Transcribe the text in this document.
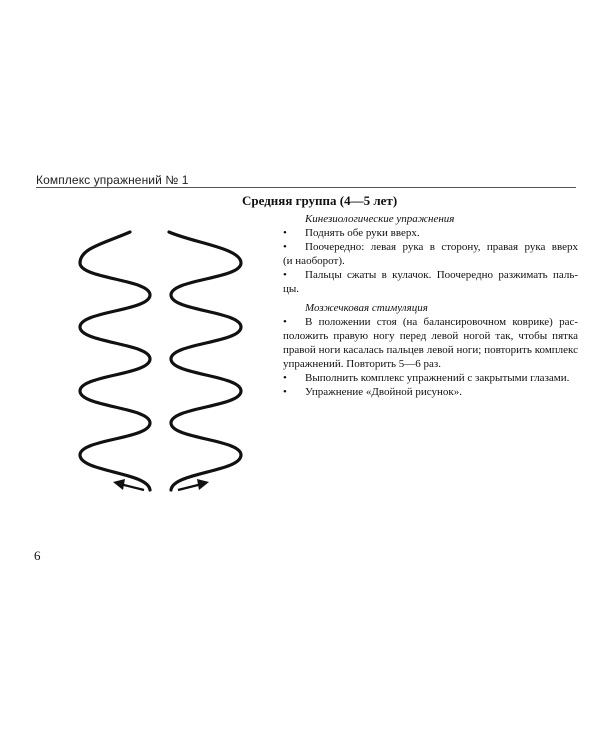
Комплекс упражнений № 1
Средняя группа (4—5 лет)

Кинезиологические упражнения

•	Поднять обе руки вверх.
•	Поочередно: левая рука в сторону, правая рука вверх
(и наоборот).
•	Пальцы сжаты в кулачок. Поочередно разжимать паль-
цы.

Мозжечковая стимуляция

•	В положении стоя (на балансировочном коврике) рас-
положить правую ногу перед левой ногой так, чтобы пятка
правой ноги касалась пальцев левой ноги; повторить комплекс
упражнений. Повторить 5—6 раз.
•	Выполнить комплекс упражнений с закрытыми глазами.
•	Упражнение «Двойной рисунок».
6
